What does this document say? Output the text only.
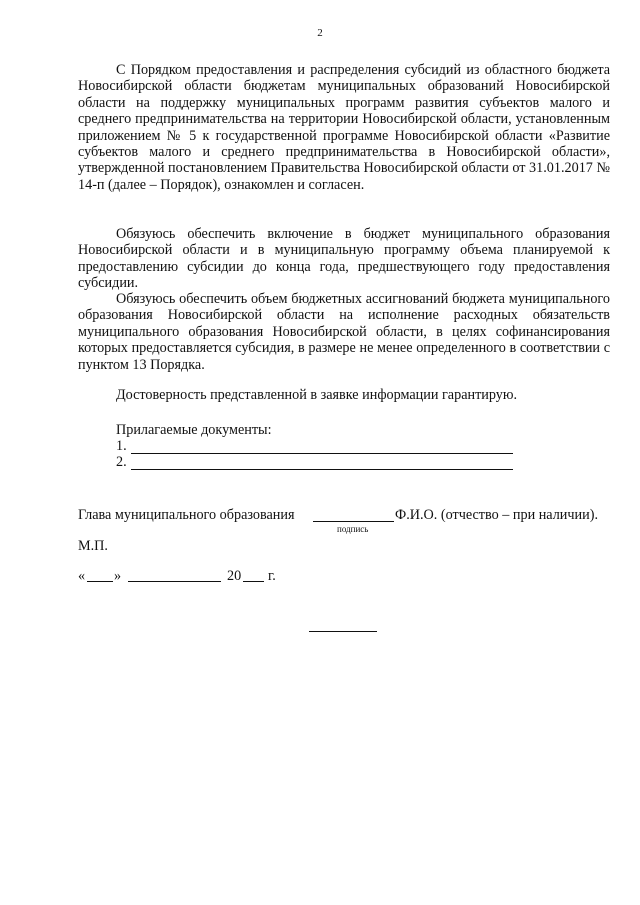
2

С Порядком предоставления и распределения субсидий из областного бюджета Новосибирской области бюджетам муниципальных образований Новосибирской области на поддержку муниципальных программ развития субъектов малого и среднего предпринимательства на территории Новосибирской области, установленным приложением № 5 к государственной программе Новосибирской области «Развитие субъектов малого и среднего предпринимательства в Новосибирской области», утвержденной постановлением Правительства Новосибирской области от 31.01.2017 № 14-п (далее – Порядок), ознакомлен и согласен.

Обязуюсь обеспечить включение в бюджет муниципального образования Новосибирской области и в муниципальную программу объема планируемой к предоставлению субсидии до конца года, предшествующего году предоставления субсидии.

Обязуюсь обеспечить объем бюджетных ассигнований бюджета муниципального образования Новосибирской области на исполнение расходных обязательств муниципального образования Новосибирской области, в целях софинансирования которых предоставляется субсидия, в размере не менее определенного в соответствии с пунктом 13 Порядка.

Достоверность представленной в заявке информации гарантирую.

Прилагаемые документы:

1.

2.

Глава муниципального образования	Ф.И.О. (отчество – при наличии).

подпись

М.П.

« »	20 г.
